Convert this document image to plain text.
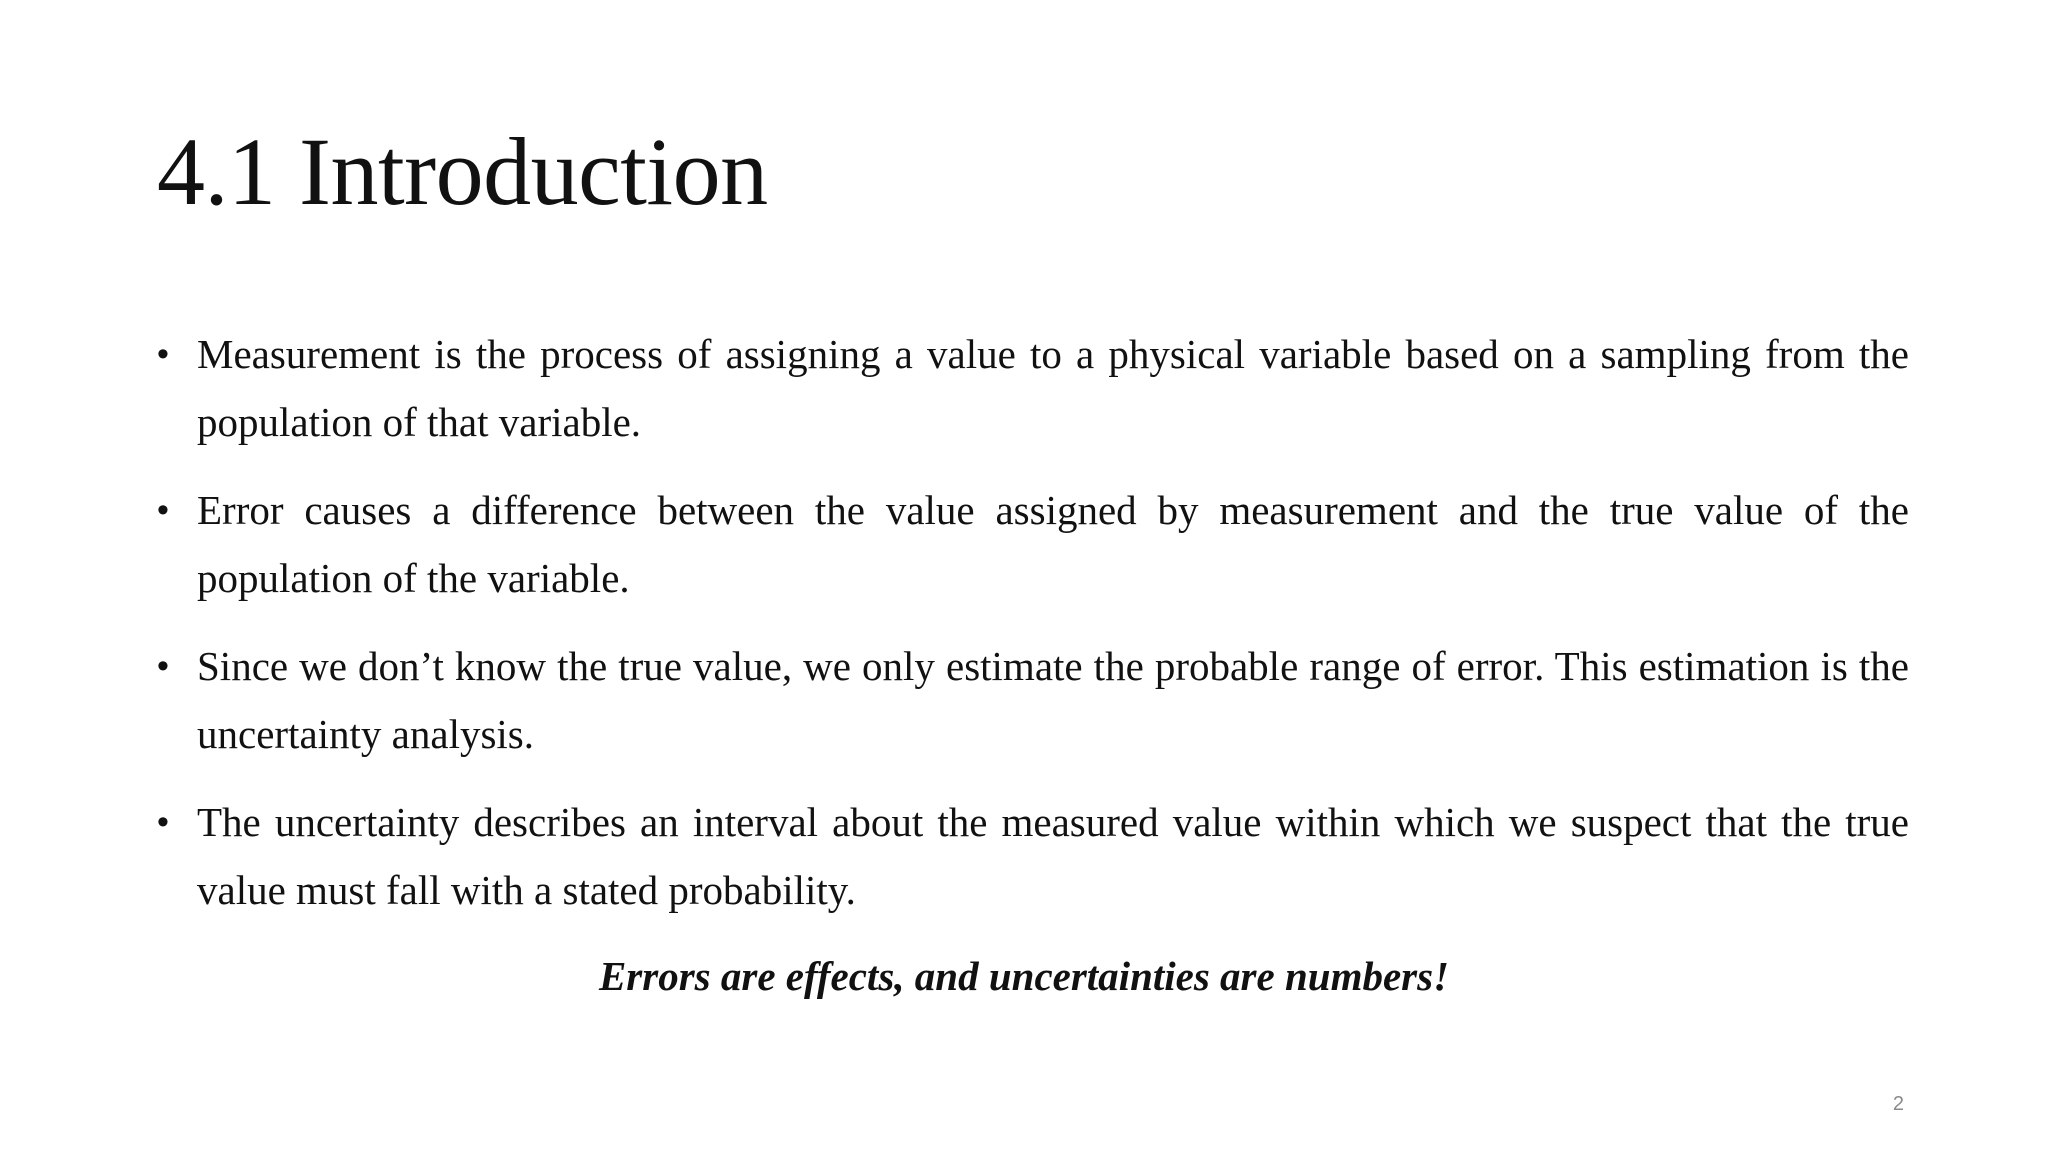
4.1 Introduction
• Measurement is the process of assigning a value to a physical variable based on a sampling from the population of that variable.
• Error causes a difference between the value assigned by measurement and the true value of the population of the variable.
• Since we don’t know the true value, we only estimate the probable range of error. This estimation is the uncertainty analysis.
• The uncertainty describes an interval about the measured value within which we suspect that the true value must fall with a stated probability.

Errors are effects, and uncertainties are numbers!

2
